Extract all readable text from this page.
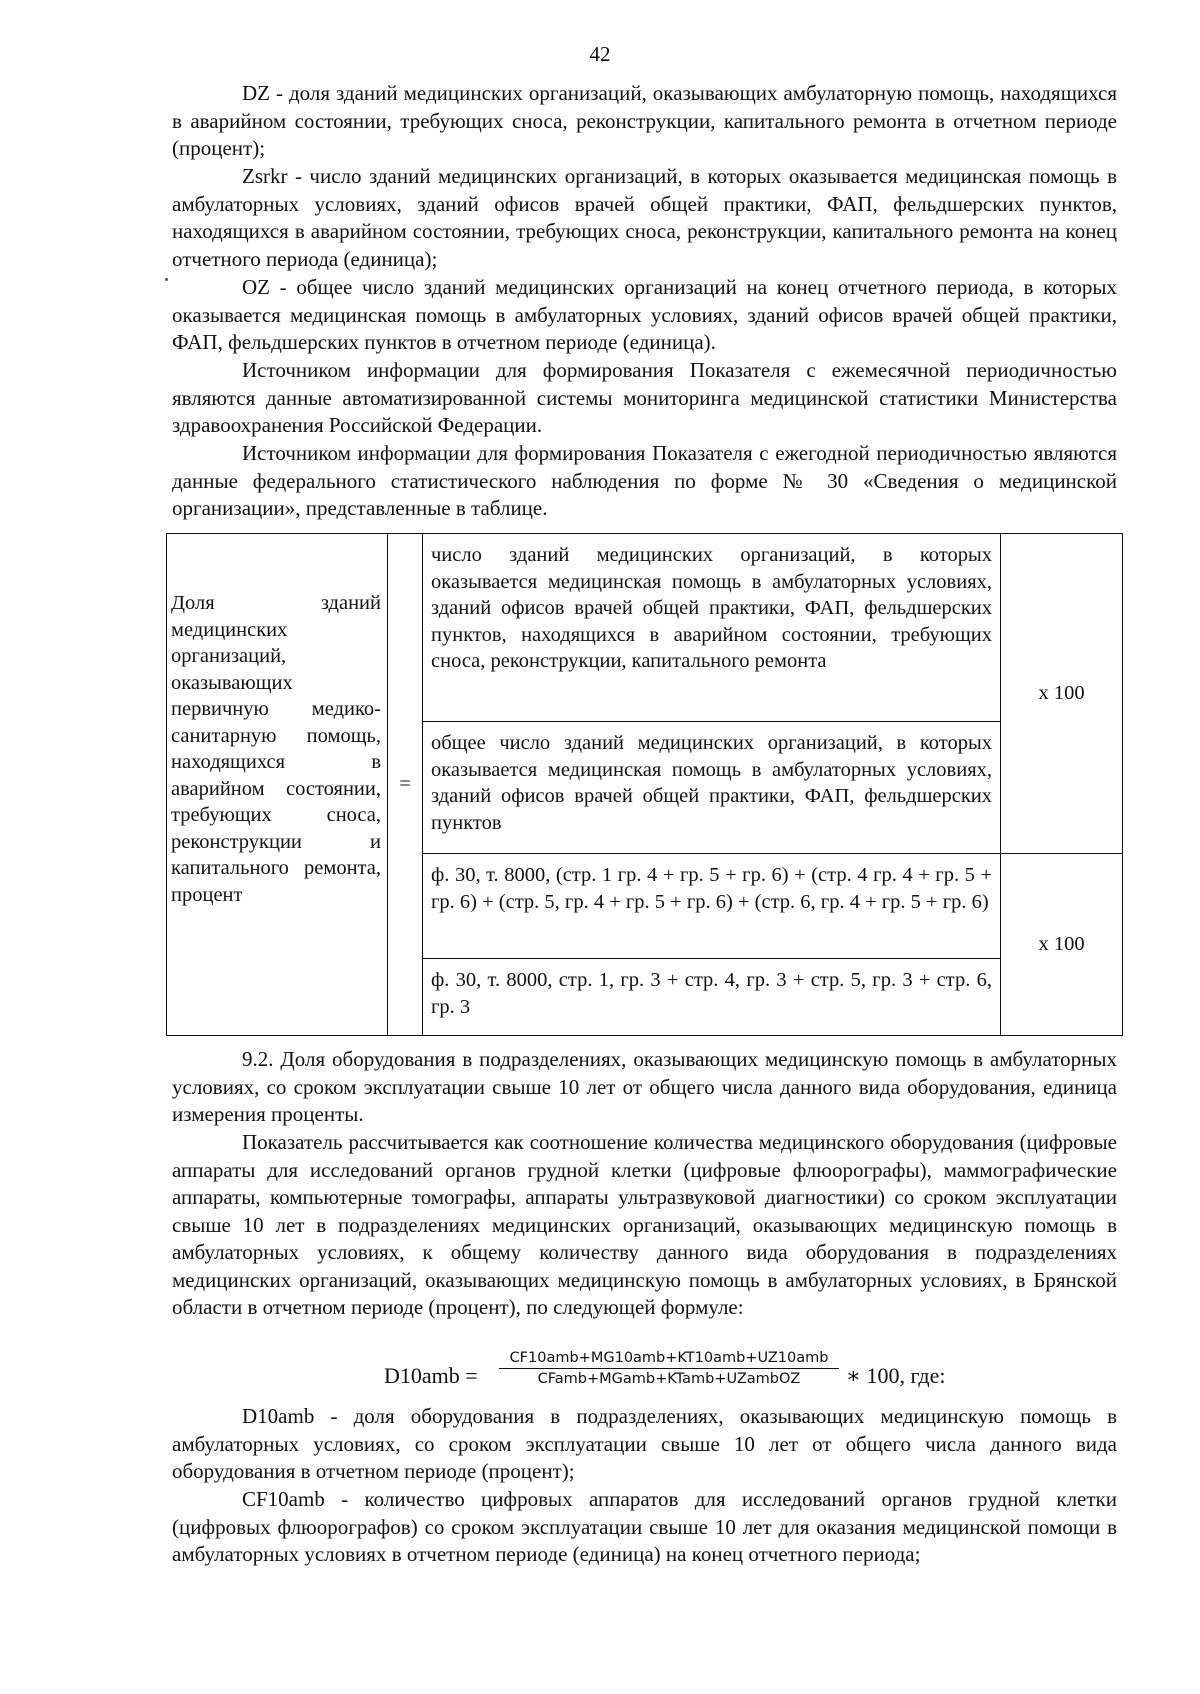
42

DZ - доля зданий медицинских организаций, оказывающих амбулаторную помощь, находящихся в аварийном состоянии, требующих сноса, реконструкции, капитального ремонта в отчетном периоде (процент);

Zsrkr - число зданий медицинских организаций, в которых оказывается медицинская помощь в амбулаторных условиях, зданий офисов врачей общей практики, ФАП, фельдшерских пунктов, находящихся в аварийном состоянии, требующих сноса, реконструкции, капитального ремонта на конец отчетного периода (единица);

OZ - общее число зданий медицинских организаций на конец отчетного периода, в которых оказывается медицинская помощь в амбулаторных условиях, зданий офисов врачей общей практики, ФАП, фельдшерских пунктов в отчетном периоде (единица).

Источником информации для формирования Показателя с ежемесячной периодичностью являются данные автоматизированной системы мониторинга медицинской статистики Министерства здравоохранения Российской Федерации.

Источником информации для формирования Показателя с ежегодной периодичностью являются данные федерального статистического наблюдения по форме № 30 «Сведения о медицинской организации», представленные в таблице.

Доля зданий медицинских организаций, оказывающих первичную медико-санитарную помощь, находящихся в аварийном состоянии, требующих сноса, реконструкции и капитального ремонта, процент	=	число зданий медицинских организаций, в которых оказывается медицинская помощь в амбулаторных условиях, зданий офисов врачей общей практики, ФАП, фельдшерских пунктов, находящихся в аварийном состоянии, требующих сноса, реконструкции, капитального ремонта	x 100

		общее число зданий медицинских организаций, в которых оказывается медицинская помощь в амбулаторных условиях, зданий офисов врачей общей практики, ФАП, фельдшерских пунктов	

		ф. 30, т. 8000, (стр. 1 гр. 4 + гр. 5 + гр. 6) + (стр. 4 гр. 4 + гр. 5 + гр. 6) + (стр. 5, гр. 4 + гр. 5 + гр. 6) + (стр. 6, гр. 4 + гр. 5 + гр. 6)	x 100

		ф. 30, т. 8000, стр. 1, гр. 3 + стр. 4, гр. 3 + стр. 5, гр. 3 + стр. 6, гр. 3	

9.2. Доля оборудования в подразделениях, оказывающих медицинскую помощь в амбулаторных условиях, со сроком эксплуатации свыше 10 лет от общего числа данного вида оборудования, единица измерения проценты.

Показатель рассчитывается как соотношение количества медицинского оборудования (цифровые аппараты для исследований органов грудной клетки (цифровые флюорографы), маммографические аппараты, компьютерные томографы, аппараты ультразвуковой диагностики) со сроком эксплуатации свыше 10 лет в подразделениях медицинских организаций, оказывающих медицинскую помощь в амбулаторных условиях, к общему количеству данного вида оборудования в подразделениях медицинских организаций, оказывающих медицинскую помощь в амбулаторных условиях, в Брянской области в отчетном периоде (процент), по следующей формуле:

D10amb =
CF10amb+MG10amb+KT10amb+UZ10amb
CFamb+MGamb+KTamb+UZambOZ	∗ 100, где:

D10amb - доля оборудования в подразделениях, оказывающих медицинскую помощь в амбулаторных условиях, со сроком эксплуатации свыше 10 лет от общего числа данного вида оборудования в отчетном периоде (процент);

CF10amb - количество цифровых аппаратов для исследований органов грудной клетки (цифровых флюорографов) со сроком эксплуатации свыше 10 лет для оказания медицинской помощи в амбулаторных условиях в отчетном периоде (единица) на конец отчетного периода;
